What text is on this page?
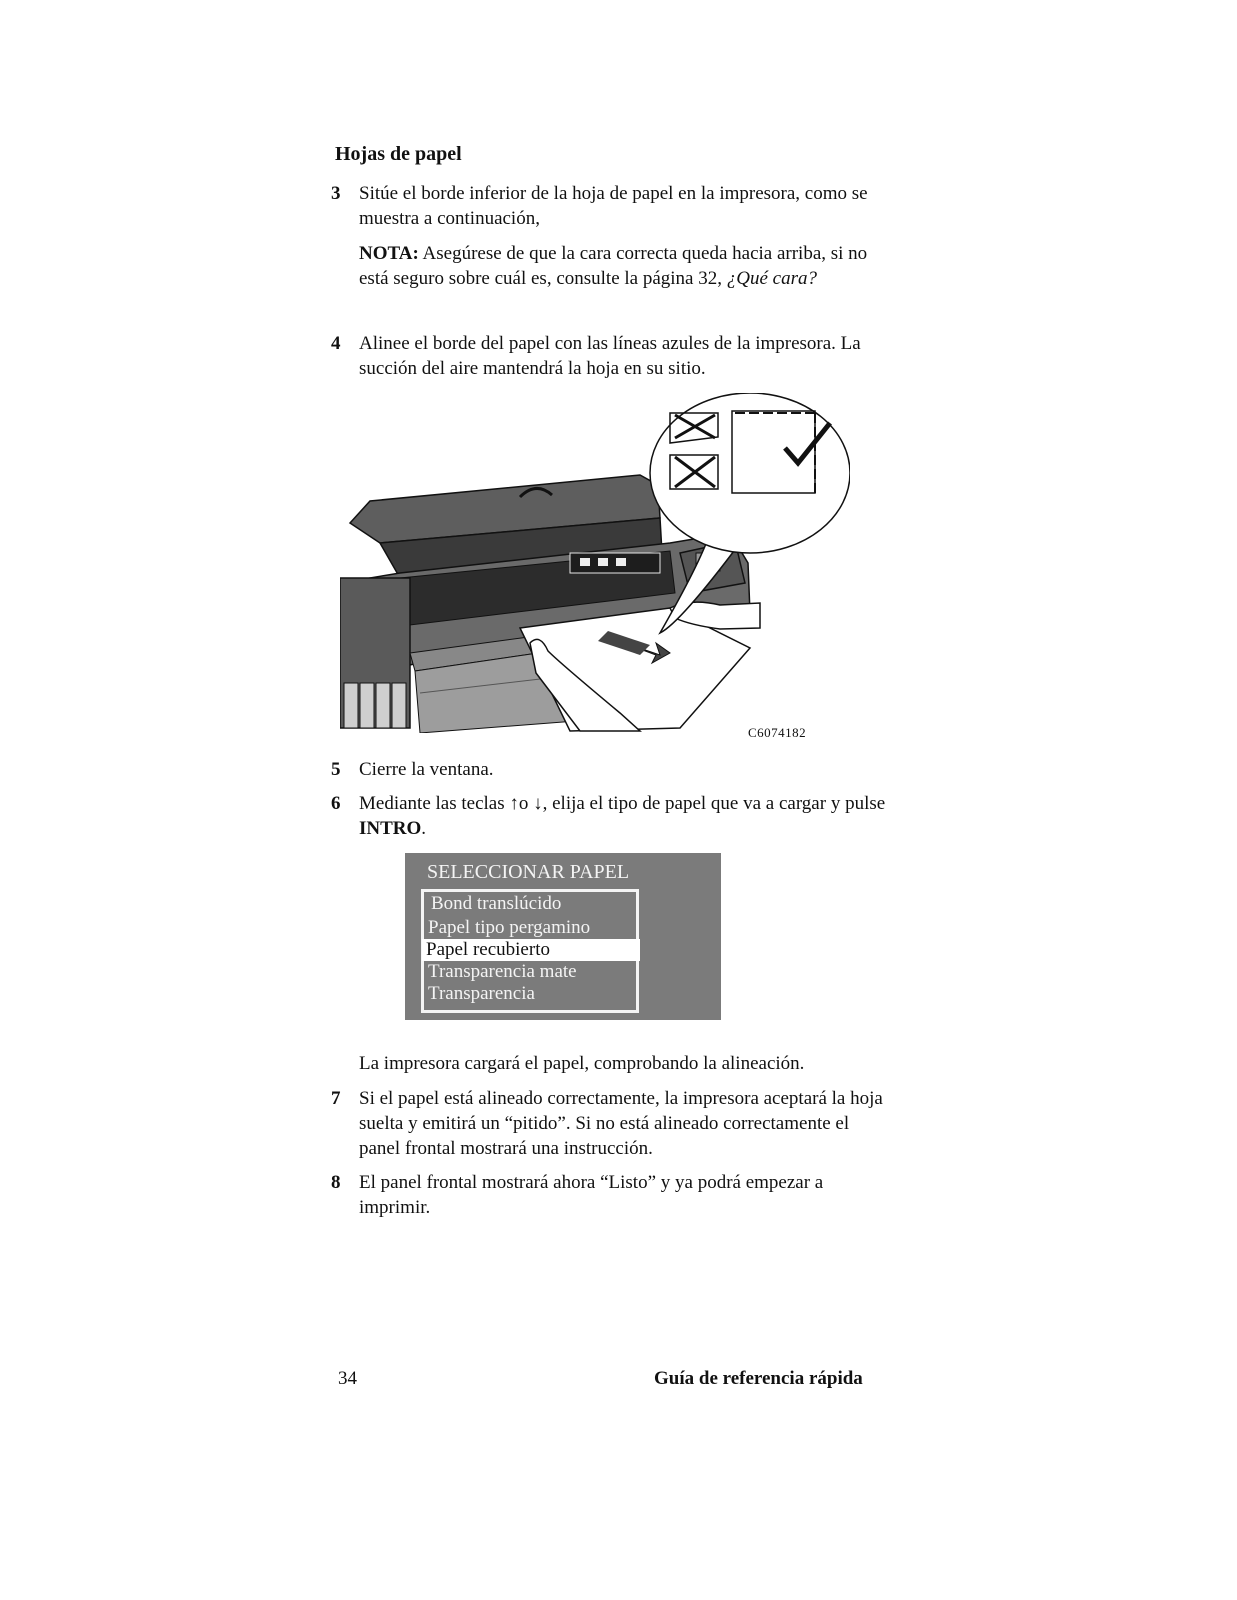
Hojas de papel
3 Sitúe el borde inferior de la hoja de papel en la impresora, como se muestra a continuación,
NOTA: Asegúrese de que la cara correcta queda hacia arriba, si no está seguro sobre cuál es, consulte la página 32, ¿Qué cara?
4 Alinee el borde del papel con las líneas azules de la impresora. La succión del aire mantendrá la hoja en su sitio.
C6074182
5 Cierre la ventana.
6 Mediante las teclas ↑o ↓, elija el tipo de papel que va a cargar y pulse INTRO.
SELECCIONAR PAPEL
Bond translúcido
Papel tipo pergamino
Papel recubierto
Transparencia mate
Transparencia
La impresora cargará el papel, comprobando la alineación.
7 Si el papel está alineado correctamente, la impresora aceptará la hoja suelta y emitirá un “pitido”. Si no está alineado correctamente el panel frontal mostrará una instrucción.
8 El panel frontal mostrará ahora “Listo” y ya podrá empezar a imprimir.
34	Guía de referencia rápida
